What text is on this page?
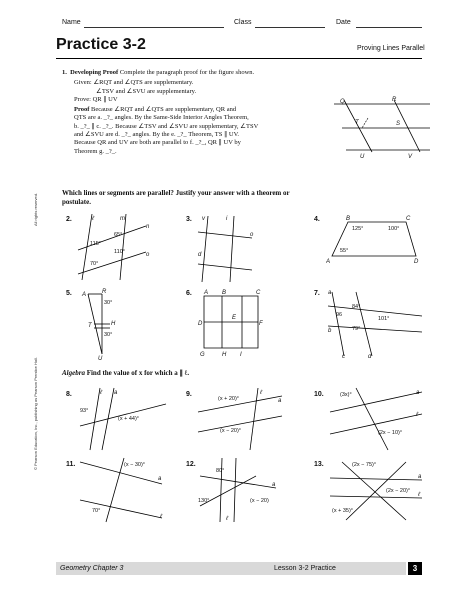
Name	Class	Date
Practice 3-2	Proving Lines Parallel
1. Developing Proof Complete the paragraph proof for the figure shown.
Given: ∠RQT and ∠QTS are supplementary.
∠TSV and ∠SVU are supplementary.
Prove: QR ∥ UV
Proof Because ∠RQT and ∠QTS are supplementary, QR and
QTS are a. _?_ angles. By the Same-Side Interior Angles Theorem,
b. _?_ ∥ c. _?_. Because ∠TSV and ∠SVU are supplementary, ∠TSV
and ∠SVU are d. _?_ angles. By the e. _?_ Theorem, TS ∥ UV.
Because QR and UV are both are parallel to f. _?_, QR ∥ UV by
Theorem g. _?_.
Q	R
T	S
U	V
Which lines or segments are parallel? Justify your answer with a theorem or
postulate.
2.	ℓ	m
n
o
65°
115°
110°
70°
3. v	i
o
d
4.	B	C
A	D
125°	100°
55°
5. A	R
T	H
U
30°
30°
6. A B	C
D
E
F
G	H I
7. a
b
c	d
84°
96
101°
79°
Algebra Find the value of x for which a ∥ ℓ.
8.	ℓ a
93°
(x + 44)°
9.	ℓ
a
(x + 20)°
(x − 20)°
10.	(3x)°	a
ℓ
(2x − 10)°
11.	(x − 30)°
a
70°
ℓ
12.
80°
a
130°	(x − 20)
ℓ
13.	(2x − 75)°
a
(2x − 20)°
ℓ
(x + 35)°
All rights reserved.
© Pearson Education, Inc., publishing as Pearson Prentice Hall.
Geometry Chapter 3	Lesson 3-2 Practice	3
